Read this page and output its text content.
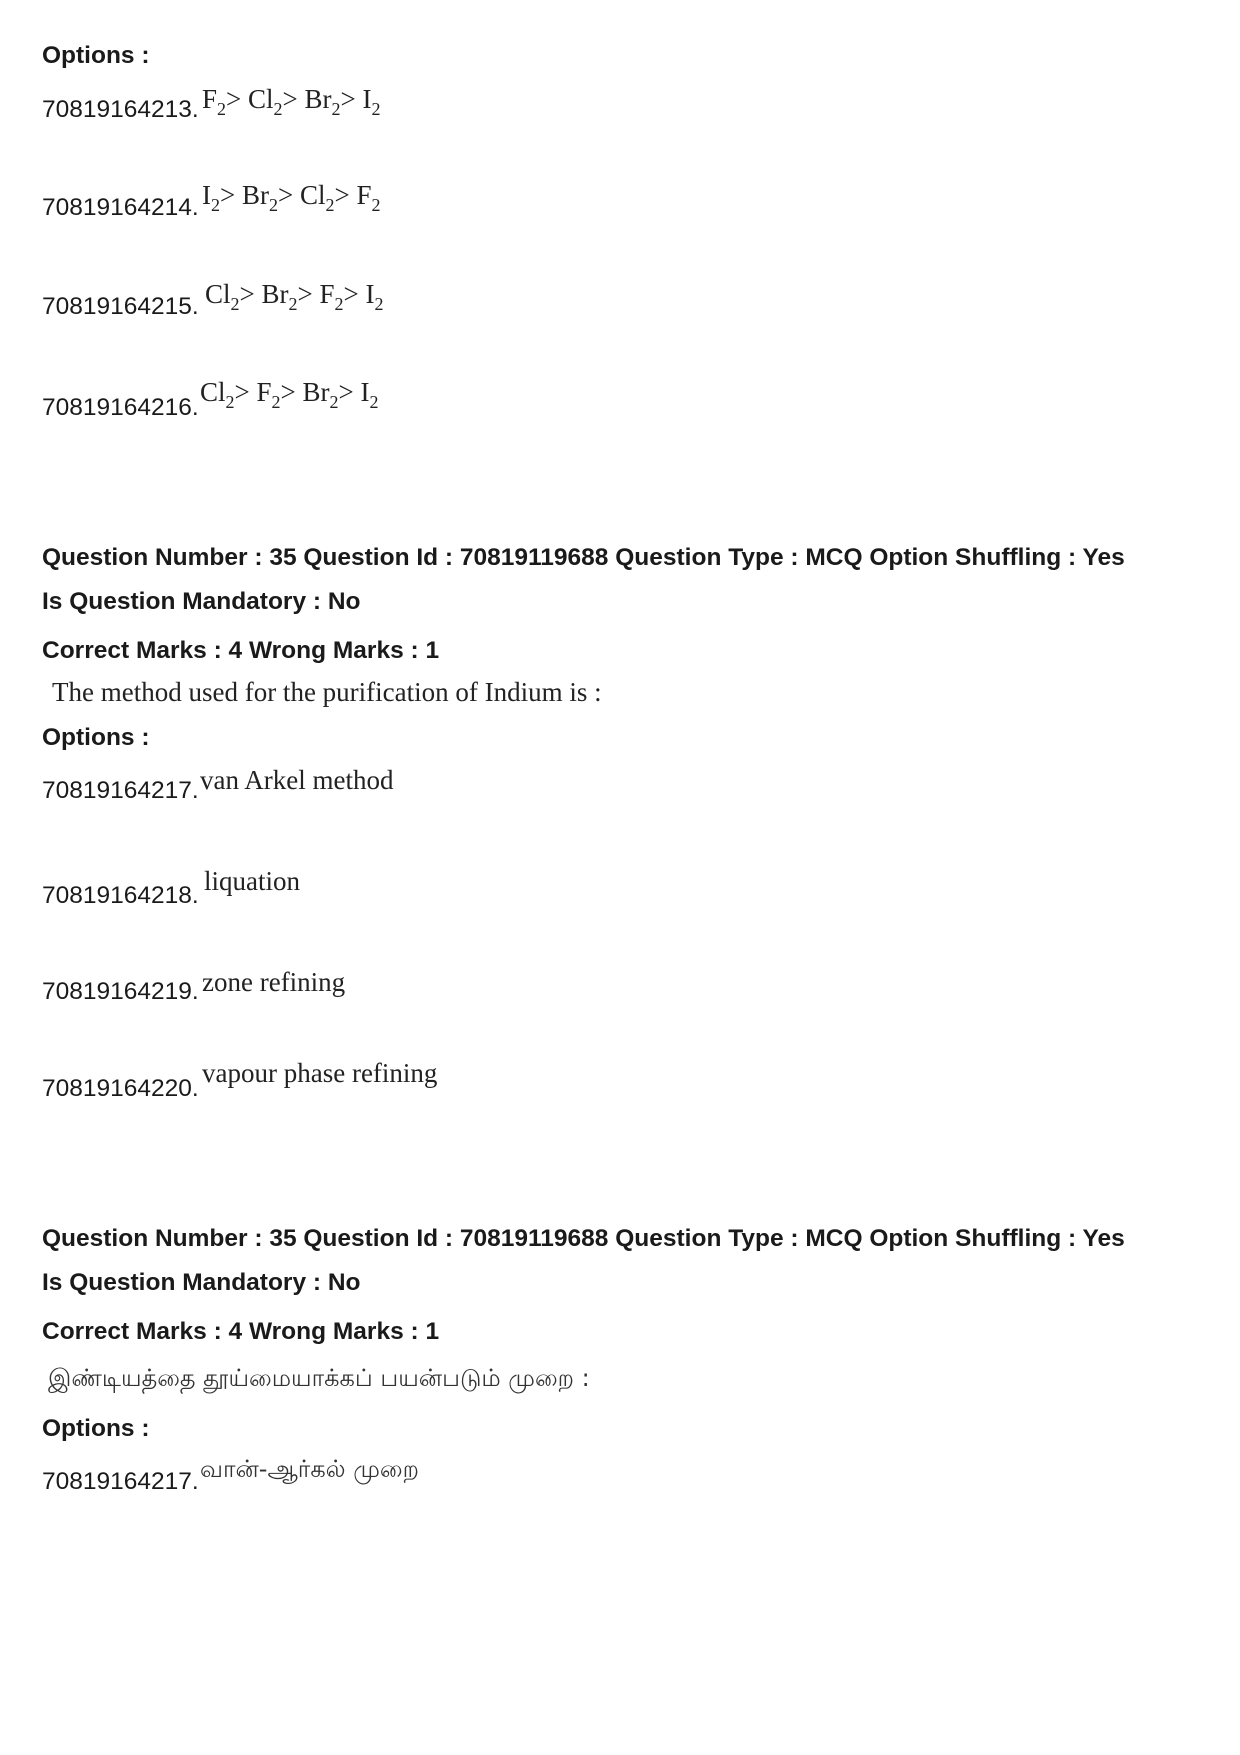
Options :
70819164213. $F_2> Cl_2> Br_2> I_2$
70819164214. $I_2> Br_2> Cl_2> F_2$
70819164215. $Cl_2> Br_2> F_2> I_2$
70819164216.
$Cl_2> F_2> Br_2> I_2$
Question Number : 35 Question Id : 70819119688 Question Type : MCQ Option Shuffling : Yes
Is Question Mandatory : No
Correct Marks : 4 Wrong Marks : 1
The method used for the purification of Indium is :
Options :
70819164217. van Arkel method
70819164218. liquation
70819164219. zone refining
70819164220.
vapour phase refining
Question Number : 35 Question Id : 70819119688 Question Type : MCQ Option Shuffling : Yes
Is Question Mandatory : No
Correct Marks : 4 Wrong Marks : 1
இண்டியத்தை தூய்மையாக்கப் பயன்படும் முறை :
Options :
70819164217. வான்-ஆர்கல் முறை
